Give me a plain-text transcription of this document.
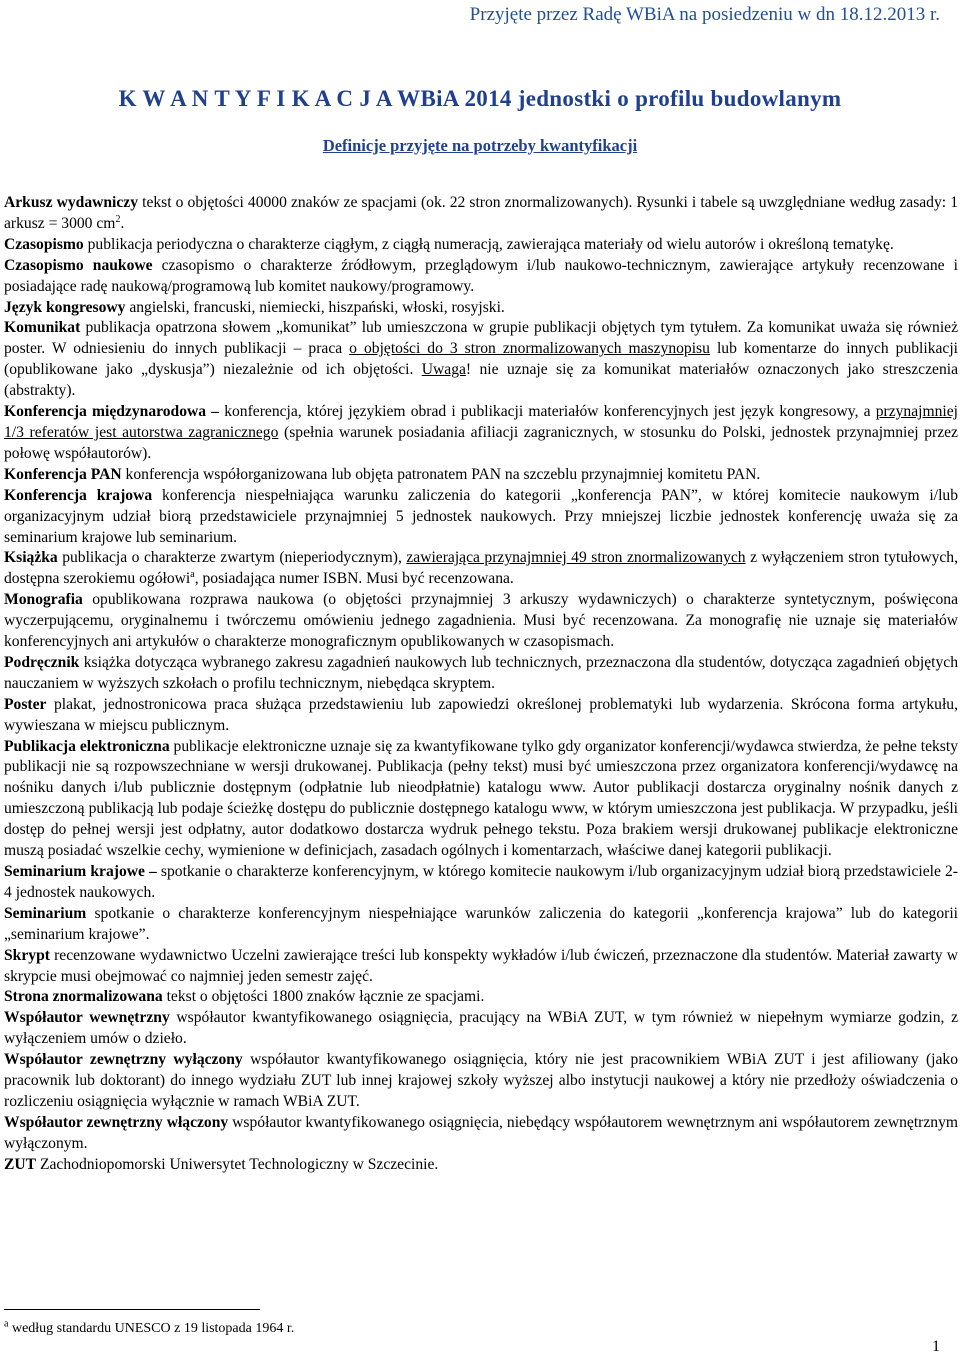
Przyjęte przez Radę WBiA na posiedzeniu w dn 18.12.2013 r.
K W A N T Y F I K A C J A WBiA 2014 jednostki o profilu budowlanym
Definicje przyjęte na potrzeby kwantyfikacji

Arkusz wydawniczy tekst o objętości 40000 znaków ze spacjami (ok. 22 stron znormalizowanych). Rysunki i tabele są uwzględniane według zasady: 1 arkusz = 3000 $cm^2$.

Czasopismo publikacja periodyczna o charakterze ciągłym, z ciągłą numeracją, zawierająca materiały od wielu autorów i określoną tematykę.

Czasopismo naukowe czasopismo o charakterze źródłowym, przeglądowym i/lub naukowo-technicznym, zawierające artykuły recenzowane i posiadające radę naukową/programową lub komitet naukowy/programowy.

Język kongresowy angielski, francuski, niemiecki, hiszpański, włoski, rosyjski.

Komunikat publikacja opatrzona słowem „komunikat” lub umieszczona w grupie publikacji objętych tym tytułem. Za komunikat uważa się również poster. W odniesieniu do innych publikacji – praca o objętości do 3 stron znormalizowanych maszynopisu lub komentarze do innych publikacji (opublikowane jako „dyskusja”) niezależnie od ich objętości. Uwaga! nie uznaje się za komunikat materiałów oznaczonych jako streszczenia (abstrakty).

Konferencja międzynarodowa – konferencja, której językiem obrad i publikacji materiałów konferencyjnych jest język kongresowy, a przynajmniej 1/3 referatów jest autorstwa zagranicznego (spełnia warunek posiadania afiliacji zagranicznych, w stosunku do Polski, jednostek przynajmniej przez połowę współautorów).

Konferencja PAN konferencja współorganizowana lub objęta patronatem PAN na szczeblu przynajmniej komitetu PAN.

Konferencja krajowa konferencja niespełniająca warunku zaliczenia do kategorii „konferencja PAN”, w której komitecie naukowym i/lub organizacyjnym udział biorą przedstawiciele przynajmniej 5 jednostek naukowych. Przy mniejszej liczbie jednostek konferencję uważa się za seminarium krajowe lub seminarium.

Książka publikacja o charakterze zwartym (nieperiodycznym), zawierająca przynajmniej 49 stron znormalizowanych z wyłączeniem stron tytułowych, dostępna szerokiemu ogółowi$^a$, posiadająca numer ISBN. Musi być recenzowana.

Monografia opublikowana rozprawa naukowa (o objętości przynajmniej 3 arkuszy wydawniczych) o charakterze syntetycznym, poświęcona wyczerpującemu, oryginalnemu i twórczemu omówieniu jednego zagadnienia. Musi być recenzowana. Za monografię nie uznaje się materiałów konferencyjnych ani artykułów o charakterze monograficznym opublikowanych w czasopismach.

Podręcznik książka dotycząca wybranego zakresu zagadnień naukowych lub technicznych, przeznaczona dla studentów, dotycząca zagadnień objętych nauczaniem w wyższych szkołach o profilu technicznym, niebędąca skryptem.

Poster plakat, jednostronicowa praca służąca przedstawieniu lub zapowiedzi określonej problematyki lub wydarzenia. Skrócona forma artykułu, wywieszana w miejscu publicznym.

Publikacja elektroniczna publikacje elektroniczne uznaje się za kwantyfikowane tylko gdy organizator konferencji/wydawca stwierdza, że pełne teksty publikacji nie są rozpowszechniane w wersji drukowanej. Publikacja (pełny tekst) musi być umieszczona przez organizatora konferencji/wydawcę na nośniku danych i/lub publicznie dostępnym (odpłatnie lub nieodpłatnie) katalogu www. Autor publikacji dostarcza oryginalny nośnik danych z umieszczoną publikacją lub podaje ścieżkę dostępu do publicznie dostępnego katalogu www, w którym umieszczona jest publikacja. W przypadku, jeśli dostęp do pełnej wersji jest odpłatny, autor dodatkowo dostarcza wydruk pełnego tekstu. Poza brakiem wersji drukowanej publikacje elektroniczne muszą posiadać wszelkie cechy, wymienione w definicjach, zasadach ogólnych i komentarzach, właściwe danej kategorii publikacji.

Seminarium krajowe – spotkanie o charakterze konferencyjnym, w którego komitecie naukowym i/lub organizacyjnym udział biorą przedstawiciele 2-4 jednostek naukowych.

Seminarium spotkanie o charakterze konferencyjnym niespełniające warunków zaliczenia do kategorii „konferencja krajowa” lub do kategorii „seminarium krajowe”.

Skrypt recenzowane wydawnictwo Uczelni zawierające treści lub konspekty wykładów i/lub ćwiczeń, przeznaczone dla studentów. Materiał zawarty w skrypcie musi obejmować co najmniej jeden semestr zajęć.

Strona znormalizowana tekst o objętości 1800 znaków łącznie ze spacjami.

Współautor wewnętrzny współautor kwantyfikowanego osiągnięcia, pracujący na WBiA ZUT, w tym również w niepełnym wymiarze godzin, z wyłączeniem umów o dzieło.

Współautor zewnętrzny wyłączony współautor kwantyfikowanego osiągnięcia, który nie jest pracownikiem WBiA ZUT i jest afiliowany (jako pracownik lub doktorant) do innego wydziału ZUT lub innej krajowej szkoły wyższej albo instytucji naukowej a który nie przedłoży oświadczenia o rozliczeniu osiągnięcia wyłącznie w ramach WBiA ZUT.

Współautor zewnętrzny włączony współautor kwantyfikowanego osiągnięcia, niebędący współautorem wewnętrznym ani współautorem zewnętrznym wyłączonym.

ZUT Zachodniopomorski Uniwersytet Technologiczny w Szczecinie.

$^a$ według standardu UNESCO z 19 listopada 1964 r.
1
